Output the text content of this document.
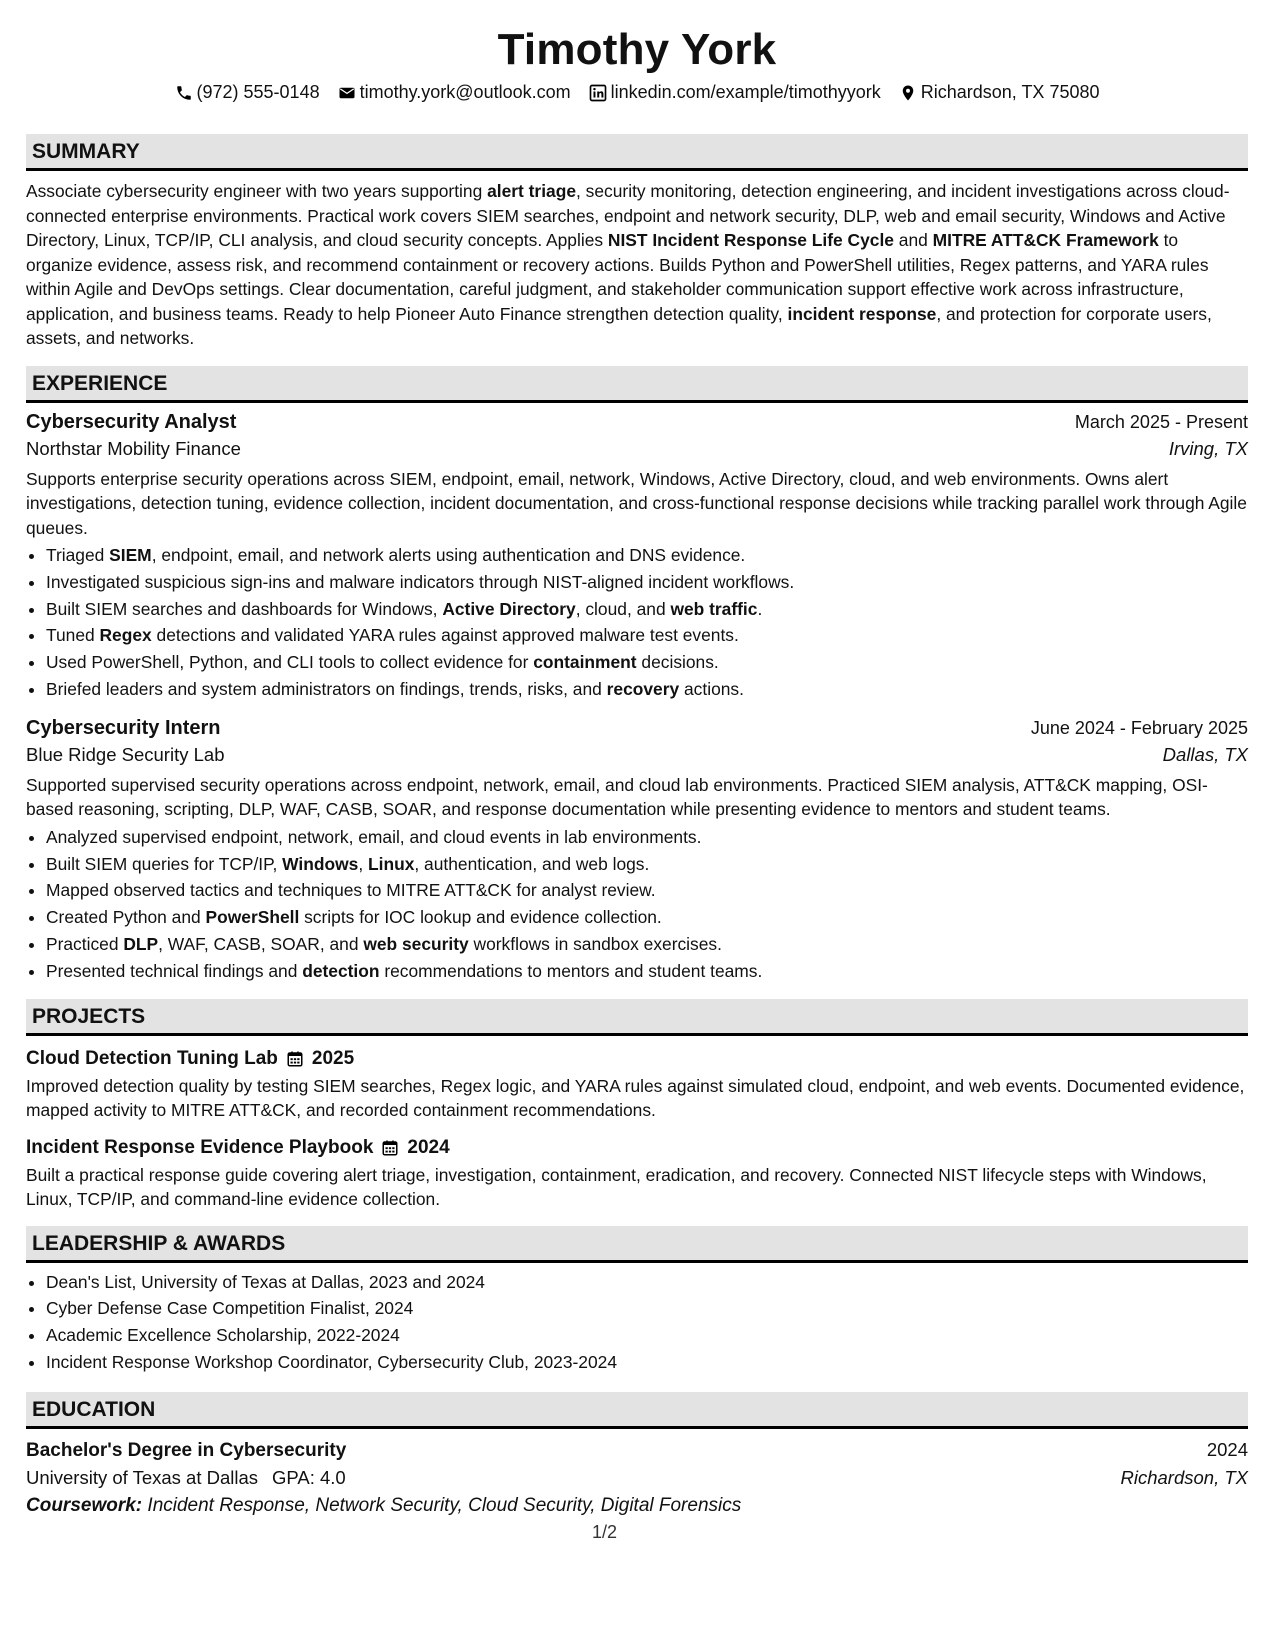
Timothy York
(972) 555-0148 timothy.york@outlook.com linkedin.com/example/timothyyork Richardson, TX 75080
SUMMARY
Associate cybersecurity engineer with two years supporting alert triage, security monitoring, detection engineering, and incident investigations across cloud-connected enterprise environments. Practical work covers SIEM searches, endpoint and network security, DLP, web and email security, Windows and Active Directory, Linux, TCP/IP, CLI analysis, and cloud security concepts. Applies NIST Incident Response Life Cycle and MITRE ATT&CK Framework to organize evidence, assess risk, and recommend containment or recovery actions. Builds Python and PowerShell utilities, Regex patterns, and YARA rules within Agile and DevOps settings. Clear documentation, careful judgment, and stakeholder communication support effective work across infrastructure, application, and business teams. Ready to help Pioneer Auto Finance strengthen detection quality, incident response, and protection for corporate users, assets, and networks.
EXPERIENCE
Cybersecurity Analyst	March 2025 - Present
Northstar Mobility Finance	Irving, TX
Supports enterprise security operations across SIEM, endpoint, email, network, Windows, Active Directory, cloud, and web environments. Owns alert investigations, detection tuning, evidence collection, incident documentation, and cross-functional response decisions while tracking parallel work through Agile queues.
• Triaged SIEM, endpoint, email, and network alerts using authentication and DNS evidence.
• Investigated suspicious sign-ins and malware indicators through NIST-aligned incident workflows.
• Built SIEM searches and dashboards for Windows, Active Directory, cloud, and web traffic.
• Tuned Regex detections and validated YARA rules against approved malware test events.
• Used PowerShell, Python, and CLI tools to collect evidence for containment decisions.
• Briefed leaders and system administrators on findings, trends, risks, and recovery actions.
Cybersecurity Intern	June 2024 - February 2025
Blue Ridge Security Lab	Dallas, TX
Supported supervised security operations across endpoint, network, email, and cloud lab environments. Practiced SIEM analysis, ATT&CK mapping, OSI-based reasoning, scripting, DLP, WAF, CASB, SOAR, and response documentation while presenting evidence to mentors and student teams.
• Analyzed supervised endpoint, network, email, and cloud events in lab environments.
• Built SIEM queries for TCP/IP, Windows, Linux, authentication, and web logs.
• Mapped observed tactics and techniques to MITRE ATT&CK for analyst review.
• Created Python and PowerShell scripts for IOC lookup and evidence collection.
• Practiced DLP, WAF, CASB, SOAR, and web security workflows in sandbox exercises.
• Presented technical findings and detection recommendations to mentors and student teams.
PROJECTS
Cloud Detection Tuning Lab 2025
Improved detection quality by testing SIEM searches, Regex logic, and YARA rules against simulated cloud, endpoint, and web events. Documented evidence, mapped activity to MITRE ATT&CK, and recorded containment recommendations.
Incident Response Evidence Playbook 2024
Built a practical response guide covering alert triage, investigation, containment, eradication, and recovery. Connected NIST lifecycle steps with Windows, Linux, TCP/IP, and command-line evidence collection.
LEADERSHIP & AWARDS
• Dean's List, University of Texas at Dallas, 2023 and 2024
• Cyber Defense Case Competition Finalist, 2024
• Academic Excellence Scholarship, 2022-2024
• Incident Response Workshop Coordinator, Cybersecurity Club, 2023-2024
EDUCATION
Bachelor's Degree in Cybersecurity	2024
University of Texas at Dallas GPA: 4.0	Richardson, TX
Coursework: Incident Response, Network Security, Cloud Security, Digital Forensics
1/2
